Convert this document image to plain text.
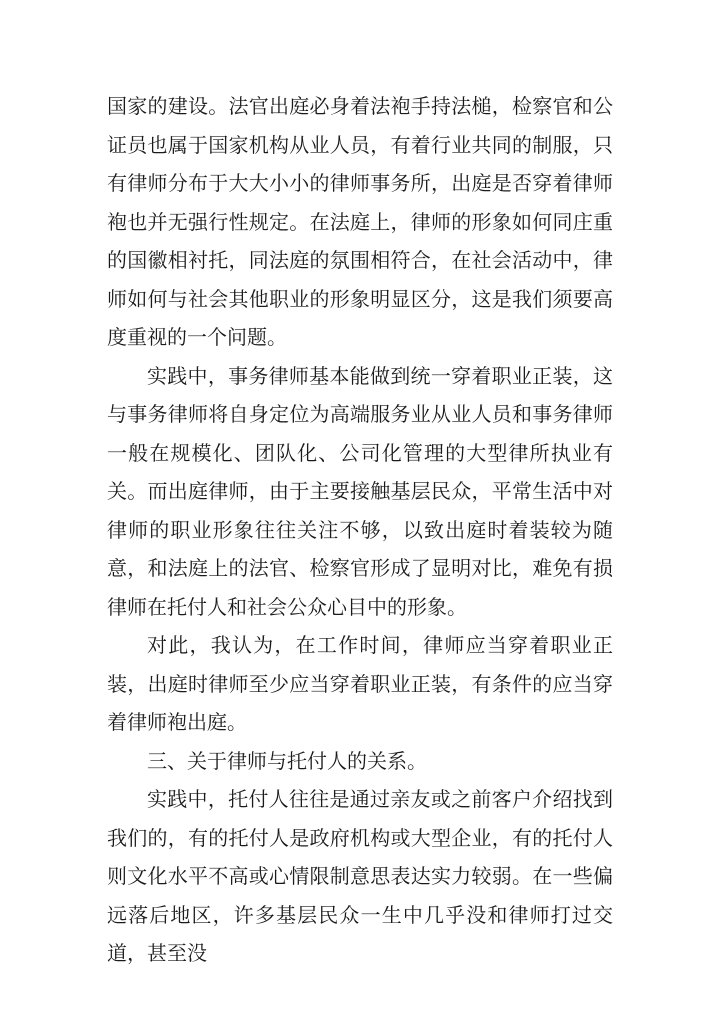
国家的建设。法官出庭必身着法袍手持法槌，检察官和公证员也属于国家机构从业人员，有着行业共同的制服，只有律师分布于大大小小的律师事务所，出庭是否穿着律师袍也并无强行性规定。在法庭上，律师的形象如何同庄重的国徽相衬托，同法庭的氛围相符合，在社会活动中，律师如何与社会其他职业的形象明显区分，这是我们须要高度重视的一个问题。

实践中，事务律师基本能做到统一穿着职业正装，这与事务律师将自身定位为高端服务业从业人员和事务律师一般在规模化、团队化、公司化管理的大型律所执业有关。而出庭律师，由于主要接触基层民众，平常生活中对律师的职业形象往往关注不够，以致出庭时着装较为随意，和法庭上的法官、检察官形成了显明对比，难免有损律师在托付人和社会公众心目中的形象。

对此，我认为，在工作时间，律师应当穿着职业正装，出庭时律师至少应当穿着职业正装，有条件的应当穿着律师袍出庭。

三、关于律师与托付人的关系。

实践中，托付人往往是通过亲友或之前客户介绍找到我们的，有的托付人是政府机构或大型企业，有的托付人则文化水平不高或心情限制意思表达实力较弱。在一些偏远落后地区，许多基层民众一生中几乎没和律师打过交道，甚至没
